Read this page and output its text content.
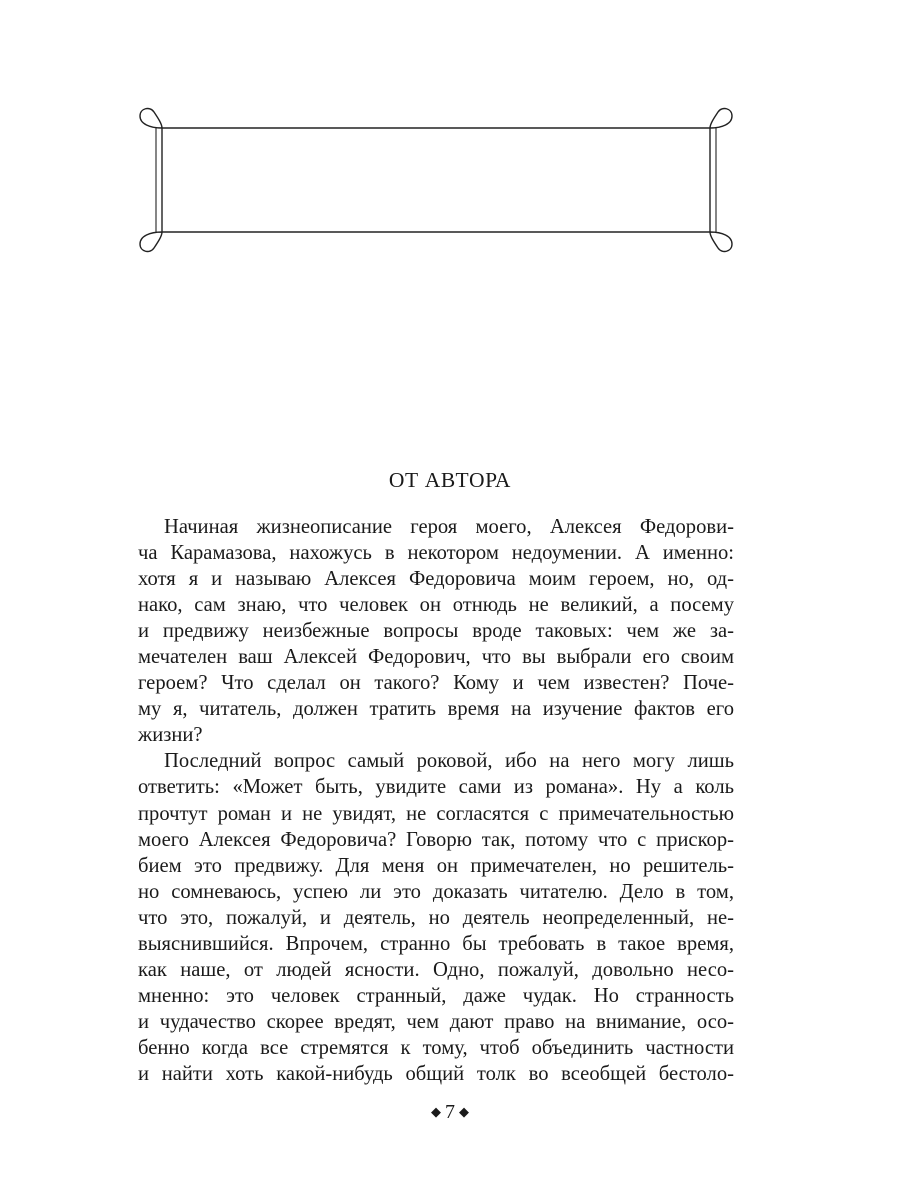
ОТ АВТОРА

Начиная жизнеописание героя моего, Алексея Федорови-
ча Карамазова, нахожусь в некотором недоумении. А именно:
хотя я и называю Алексея Федоровича моим героем, но, од-
нако, сам знаю, что человек он отнюдь не великий, а посему
и предвижу неизбежные вопросы вроде таковых: чем же за-
мечателен ваш Алексей Федорович, что вы выбрали его своим
героем? Что сделал он такого? Кому и чем известен? Поче-
му я, читатель, должен тратить время на изучение фактов его
жизни?

Последний вопрос самый роковой, ибо на него могу лишь
ответить: «Может быть, увидите сами из романа». Ну а коль
прочтут роман и не увидят, не согласятся с примечательностью
моего Алексея Федоровича? Говорю так, потому что с прискор-
бием это предвижу. Для меня он примечателен, но решитель-
но сомневаюсь, успею ли это доказать читателю. Дело в том,
что это, пожалуй, и деятель, но деятель неопределенный, не-
выяснившийся. Впрочем, странно бы требовать в такое время,
как наше, от людей ясности. Одно, пожалуй, довольно несо-
мненно: это человек странный, даже чудак. Но странность
и чудачество скорее вредят, чем дают право на внимание, осо-
бенно когда все стремятся к тому, чтоб объединить частности
и найти хоть какой-нибудь общий толк во всеобщей бестоло-

◆ 7 ◆
